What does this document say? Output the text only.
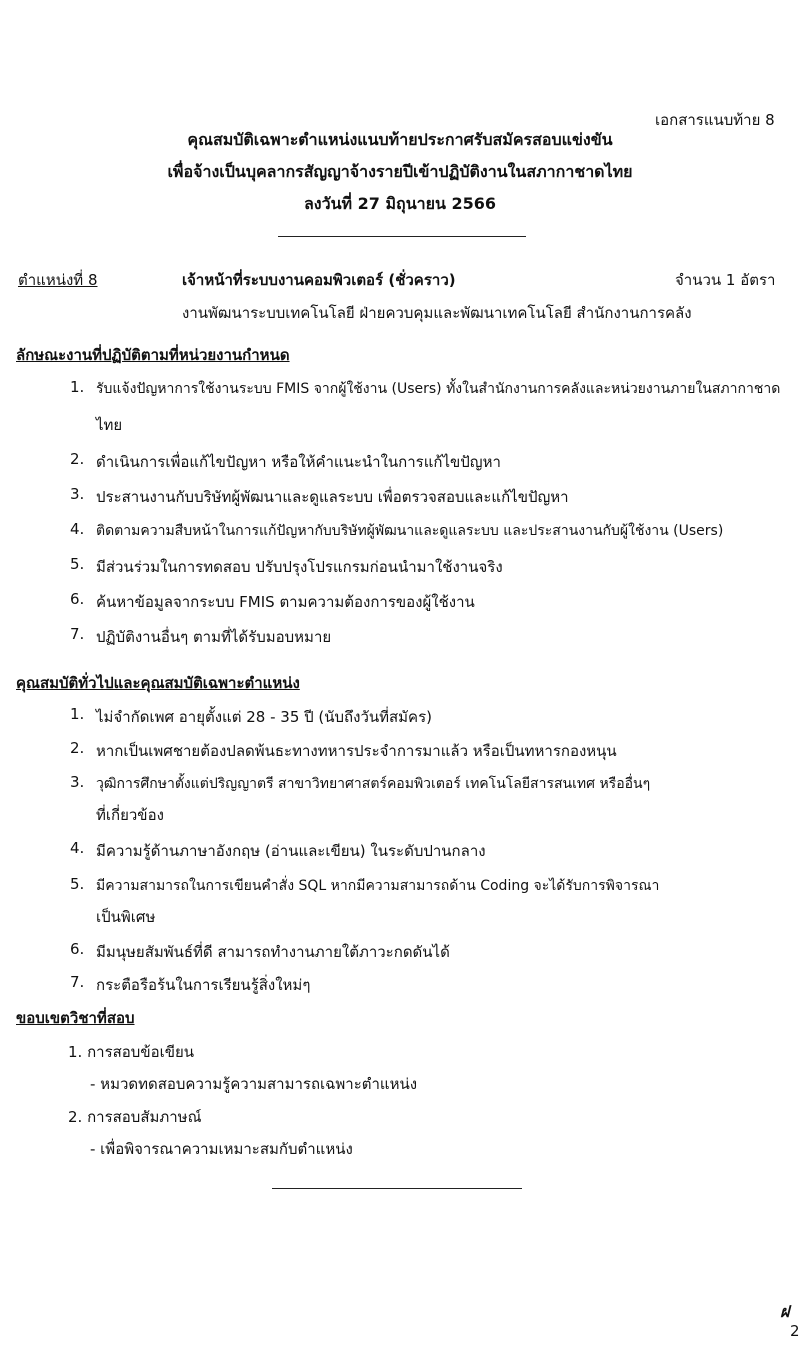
เอกสารแนบท้าย 8
คุณสมบัติเฉพาะตำแหน่งแนบท้ายประกาศรับสมัครสอบแข่งขัน
เพื่อจ้างเป็นบุคลากรสัญญาจ้างรายปีเข้าปฏิบัติงานในสภากาชาดไทย
ลงวันที่ 27 มิถุนายน 2566
ตำแหน่งที่ 8	เจ้าหน้าที่ระบบงานคอมพิวเตอร์ (ชั่วคราว)	จำนวน 1 อัตรา
งานพัฒนาระบบเทคโนโลยี ฝ่ายควบคุมและพัฒนาเทคโนโลยี สำนักงานการคลัง
ลักษณะงานที่ปฏิบัติตามที่หน่วยงานกำหนด
1. รับแจ้งปัญหาการใช้งานระบบ FMIS จากผู้ใช้งาน (Users) ทั้งในสำนักงานการคลังและหน่วยงานภายในสภากาชาด
ไทย
2. ดำเนินการเพื่อแก้ไขปัญหา หรือให้คำแนะนำในการแก้ไขปัญหา
3. ประสานงานกับบริษัทผู้พัฒนาและดูแลระบบ เพื่อตรวจสอบและแก้ไขปัญหา
4. ติดตามความสืบหน้าในการแก้ปัญหากับบริษัทผู้พัฒนาและดูแลระบบ และประสานงานกับผู้ใช้งาน (Users)
5. มีส่วนร่วมในการทดสอบ ปรับปรุงโปรแกรมก่อนนำมาใช้งานจริง
6. ค้นหาข้อมูลจากระบบ FMIS ตามความต้องการของผู้ใช้งาน
7. ปฏิบัติงานอื่นๆ ตามที่ได้รับมอบหมาย
คุณสมบัติทั่วไปและคุณสมบัติเฉพาะตำแหน่ง
1. ไม่จำกัดเพศ อายุตั้งแต่ 28 - 35 ปี (นับถึงวันที่สมัคร)
2. หากเป็นเพศชายต้องปลดพ้นธะทางทหารประจำการมาแล้ว หรือเป็นทหารกองหนุน
3. วุฒิการศึกษาตั้งแต่ปริญญาตรี สาขาวิทยาศาสตร์คอมพิวเตอร์ เทคโนโลยีสารสนเทศ หรืออื่นๆ
ที่เกี่ยวข้อง
4. มีความรู้ด้านภาษาอังกฤษ (อ่านและเขียน) ในระดับปานกลาง
5. มีความสามารถในการเขียนคำสั่ง SQL หากมีความสามารถด้าน Coding จะได้รับการพิจารณา
เป็นพิเศษ
6. มีมนุษยสัมพันธ์ที่ดี สามารถทำงานภายใต้ภาวะกดดันได้
7. กระตือรือร้นในการเรียนรู้สิ่งใหม่ๆ
ขอบเขตวิชาที่สอบ
1. การสอบข้อเขียน
- หมวดทดสอบความรู้ความสามารถเฉพาะตำแหน่ง
2. การสอบสัมภาษณ์
- เพื่อพิจารณาความเหมาะสมกับตำแหน่ง
ฝ
2
